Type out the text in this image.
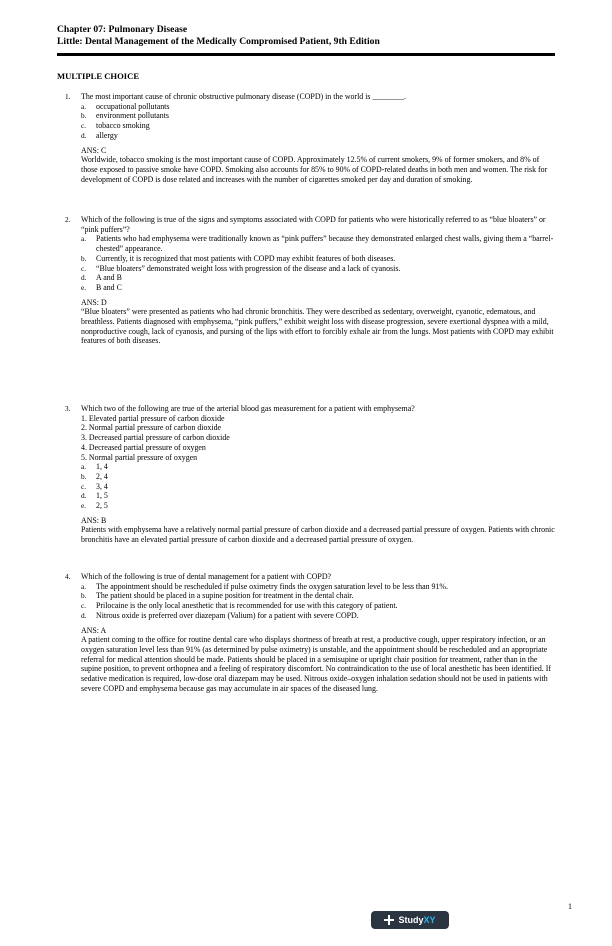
Chapter 07: Pulmonary Disease
Little: Dental Management of the Medically Compromised Patient, 9th Edition
MULTIPLE CHOICE
1.	The most important cause of chronic obstructive pulmonary disease (COPD) in the world is ________.
a.	occupational pollutants
b.	environment pollutants
c.	tobacco smoking
d.	allergy
ANS: C
Worldwide, tobacco smoking is the most important cause of COPD. Approximately 12.5% of current smokers, 9% of former smokers, and 8% of those exposed to passive smoke have COPD. Smoking also accounts for 85% to 90% of COPD-related deaths in both men and women. The risk for development of COPD is dose related and increases with the number of cigarettes smoked per day and duration of smoking.
2.	Which of the following is true of the signs and symptoms associated with COPD for patients who were historically referred to as “blue bloaters” or “pink puffers”?
a.	Patients who had emphysema were traditionally known as “pink puffers” because they demonstrated enlarged chest walls, giving them a “barrel-chested” appearance.
b.	Currently, it is recognized that most patients with COPD may exhibit features of both diseases.
c.	“Blue bloaters” demonstrated weight loss with progression of the disease and a lack of cyanosis.
d.	A and B
e.	B and C
ANS: D
“Blue bloaters” were presented as patients who had chronic bronchitis. They were described as sedentary, overweight, cyanotic, edematous, and breathless. Patients diagnosed with emphysema, “pink puffers,” exhibit weight loss with disease progression, severe exertional dyspnea with a mild, nonproductive cough, lack of cyanosis, and pursing of the lips with effort to forcibly exhale air from the lungs. Most patients with COPD may exhibit features of both diseases.
3.	Which two of the following are true of the arterial blood gas measurement for a patient with emphysema?
1. Elevated partial pressure of carbon dioxide
2. Normal partial pressure of carbon dioxide
3. Decreased partial pressure of carbon dioxide
4. Decreased partial pressure of oxygen
5. Normal partial pressure of oxygen
a.	1, 4
b.	2, 4
c.	3, 4
d.	1, 5
e.	2, 5
ANS: B
Patients with emphysema have a relatively normal partial pressure of carbon dioxide and a decreased partial pressure of oxygen. Patients with chronic bronchitis have an elevated partial pressure of carbon dioxide and a decreased partial pressure of oxygen.
4.	Which of the following is true of dental management for a patient with COPD?
a.	The appointment should be rescheduled if pulse oximetry finds the oxygen saturation level to be less than 91%.
b.	The patient should be placed in a supine position for treatment in the dental chair.
c.	Prilocaine is the only local anesthetic that is recommended for use with this category of patient.
d.	Nitrous oxide is preferred over diazepam (Valium) for a patient with severe COPD.
ANS: A
A patient coming to the office for routine dental care who displays shortness of breath at rest, a productive cough, upper respiratory infection, or an oxygen saturation level less than 91% (as determined by pulse oximetry) is unstable, and the appointment should be rescheduled and an appropriate referral for medical attention should be made. Patients should be placed in a semisupine or upright chair position for treatment, rather than in the supine position, to prevent orthopnea and a feeling of respiratory discomfort. No contraindication to the use of local anesthetic has been identified. If sedative medication is required, low-dose oral diazepam may be used. Nitrous oxide–oxygen inhalation sedation should not be used in patients with severe COPD and emphysema because gas may accumulate in air spaces of the diseased lung.
1
Study XY
